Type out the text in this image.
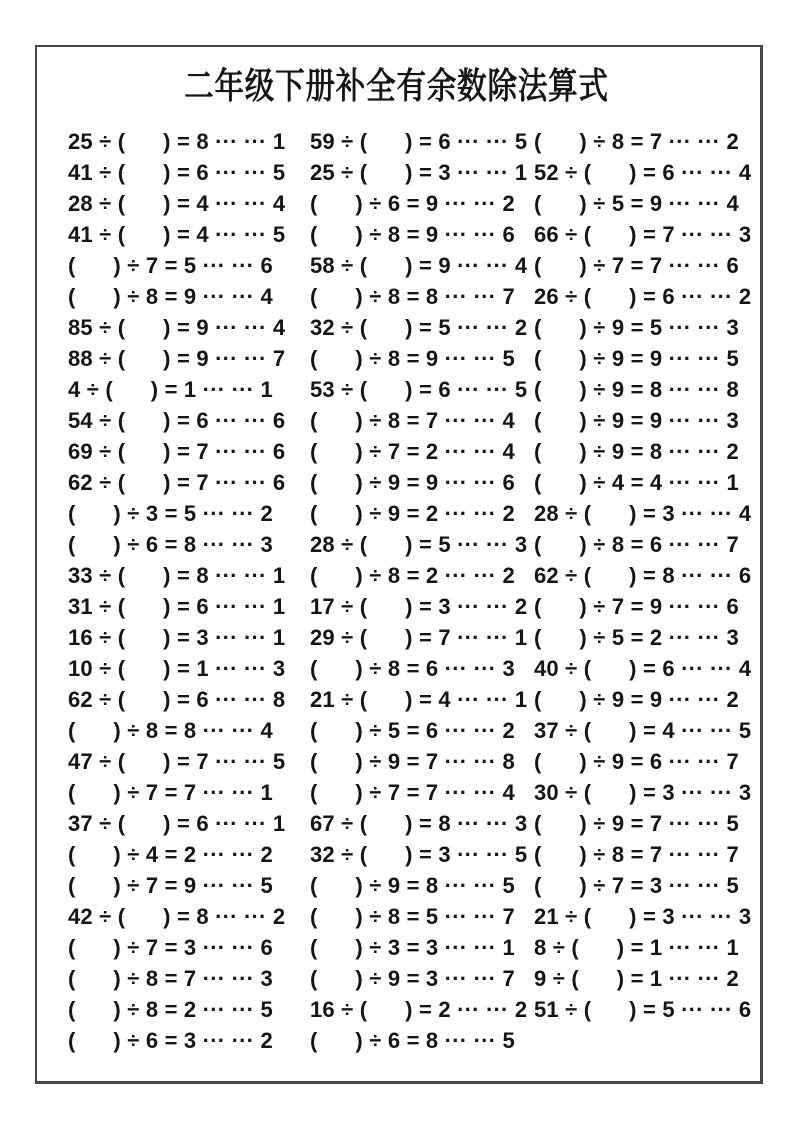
二年级下册补全有余数除法算式
25 ÷ (      ) = 8 ··· ··· 1
41 ÷ (      ) = 6 ··· ··· 5
28 ÷ (      ) = 4 ··· ··· 4
41 ÷ (      ) = 4 ··· ··· 5
(      ) ÷ 7 = 5 ··· ··· 6
(      ) ÷ 8 = 9 ··· ··· 4
85 ÷ (      ) = 9 ··· ··· 4
88 ÷ (      ) = 9 ··· ··· 7
4 ÷ (      ) = 1 ··· ··· 1
54 ÷ (      ) = 6 ··· ··· 6
69 ÷ (      ) = 7 ··· ··· 6
62 ÷ (      ) = 7 ··· ··· 6
(      ) ÷ 3 = 5 ··· ··· 2
(      ) ÷ 6 = 8 ··· ··· 3
33 ÷ (      ) = 8 ··· ··· 1
31 ÷ (      ) = 6 ··· ··· 1
16 ÷ (      ) = 3 ··· ··· 1
10 ÷ (      ) = 1 ··· ··· 3
62 ÷ (      ) = 6 ··· ··· 8
(      ) ÷ 8 = 8 ··· ··· 4
47 ÷ (      ) = 7 ··· ··· 5
(      ) ÷ 7 = 7 ··· ··· 1
37 ÷ (      ) = 6 ··· ··· 1
(      ) ÷ 4 = 2 ··· ··· 2
(      ) ÷ 7 = 9 ··· ··· 5
42 ÷ (      ) = 8 ··· ··· 2
(      ) ÷ 7 = 3 ··· ··· 6
(      ) ÷ 8 = 7 ··· ··· 3
(      ) ÷ 8 = 2 ··· ··· 5
(      ) ÷ 6 = 3 ··· ··· 2
59 ÷ (      ) = 6 ··· ··· 5
25 ÷ (      ) = 3 ··· ··· 1
(      ) ÷ 6 = 9 ··· ··· 2
(      ) ÷ 8 = 9 ··· ··· 6
58 ÷ (      ) = 9 ··· ··· 4
(      ) ÷ 8 = 8 ··· ··· 7
32 ÷ (      ) = 5 ··· ··· 2
(      ) ÷ 8 = 9 ··· ··· 5
53 ÷ (      ) = 6 ··· ··· 5
(      ) ÷ 8 = 7 ··· ··· 4
(      ) ÷ 7 = 2 ··· ··· 4
(      ) ÷ 9 = 9 ··· ··· 6
(      ) ÷ 9 = 2 ··· ··· 2
28 ÷ (      ) = 5 ··· ··· 3
(      ) ÷ 8 = 2 ··· ··· 2
17 ÷ (      ) = 3 ··· ··· 2
29 ÷ (      ) = 7 ··· ··· 1
(      ) ÷ 8 = 6 ··· ··· 3
21 ÷ (      ) = 4 ··· ··· 1
(      ) ÷ 5 = 6 ··· ··· 2
(      ) ÷ 9 = 7 ··· ··· 8
(      ) ÷ 7 = 7 ··· ··· 4
67 ÷ (      ) = 8 ··· ··· 3
32 ÷ (      ) = 3 ··· ··· 5
(      ) ÷ 9 = 8 ··· ··· 5
(      ) ÷ 8 = 5 ··· ··· 7
(      ) ÷ 3 = 3 ··· ··· 1
(      ) ÷ 9 = 3 ··· ··· 7
16 ÷ (      ) = 2 ··· ··· 2
(      ) ÷ 6 = 8 ··· ··· 5
(      ) ÷ 8 = 7 ··· ··· 2
52 ÷ (      ) = 6 ··· ··· 4
(      ) ÷ 5 = 9 ··· ··· 4
66 ÷ (      ) = 7 ··· ··· 3
(      ) ÷ 7 = 7 ··· ··· 6
26 ÷ (      ) = 6 ··· ··· 2
(      ) ÷ 9 = 5 ··· ··· 3
(      ) ÷ 9 = 9 ··· ··· 5
(      ) ÷ 9 = 8 ··· ··· 8
(      ) ÷ 9 = 9 ··· ··· 3
(      ) ÷ 9 = 8 ··· ··· 2
(      ) ÷ 4 = 4 ··· ··· 1
28 ÷ (      ) = 3 ··· ··· 4
(      ) ÷ 8 = 6 ··· ··· 7
62 ÷ (      ) = 8 ··· ··· 6
(      ) ÷ 7 = 9 ··· ··· 6
(      ) ÷ 5 = 2 ··· ··· 3
40 ÷ (      ) = 6 ··· ··· 4
(      ) ÷ 9 = 9 ··· ··· 2
37 ÷ (      ) = 4 ··· ··· 5
(      ) ÷ 9 = 6 ··· ··· 7
30 ÷ (      ) = 3 ··· ··· 3
(      ) ÷ 9 = 7 ··· ··· 5
(      ) ÷ 8 = 7 ··· ··· 7
(      ) ÷ 7 = 3 ··· ··· 5
21 ÷ (      ) = 3 ··· ··· 3
8 ÷ (      ) = 1 ··· ··· 1
9 ÷ (      ) = 1 ··· ··· 2
51 ÷ (      ) = 5 ··· ··· 6
